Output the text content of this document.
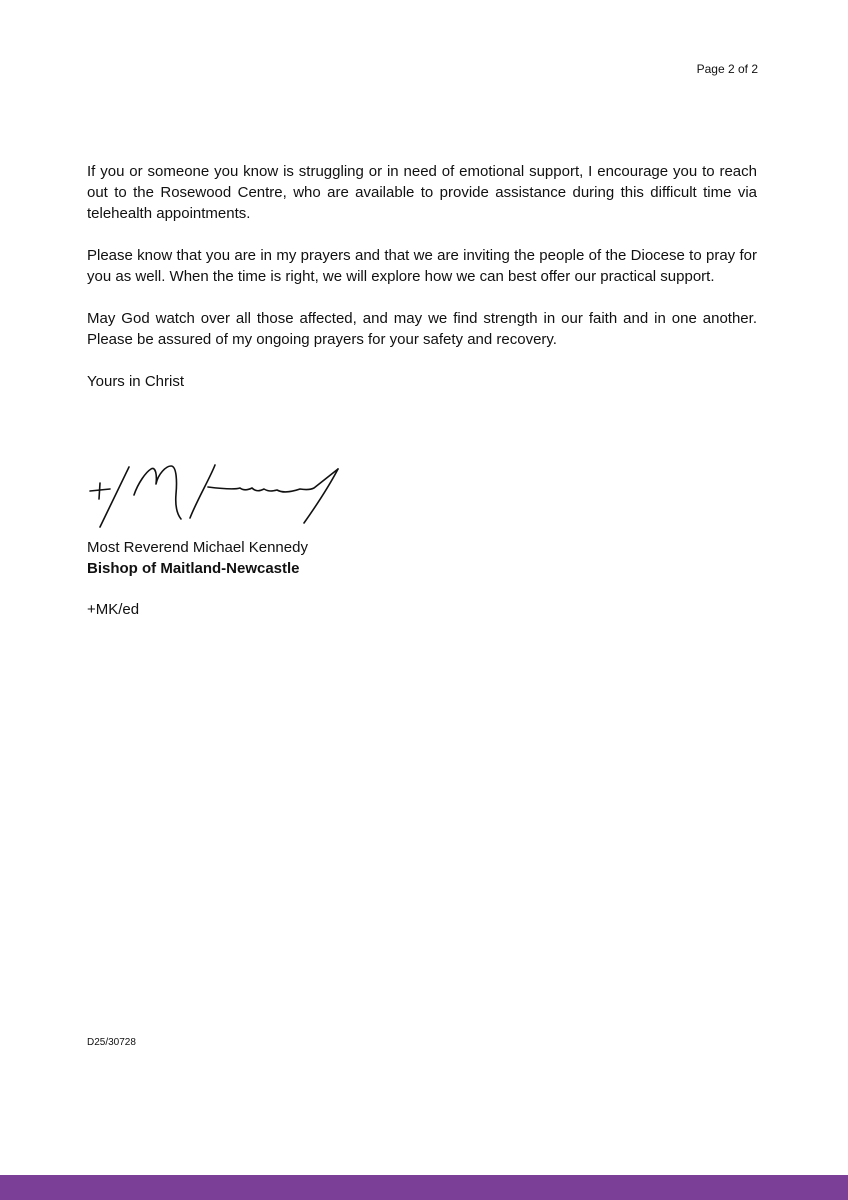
Page 2 of 2

If you or someone you know is struggling or in need of emotional support, I encourage you to reach out to the Rosewood Centre, who are available to provide assistance during this difficult time via telehealth appointments.

Please know that you are in my prayers and that we are inviting the people of the Diocese to pray for you as well. When the time is right, we will explore how we can best offer our practical support.

May God watch over all those affected, and may we find strength in our faith and in one another. Please be assured of my ongoing prayers for your safety and recovery.

Yours in Christ

Most Reverend Michael Kennedy
Bishop of Maitland-Newcastle
+MK/ed
D25/30728
